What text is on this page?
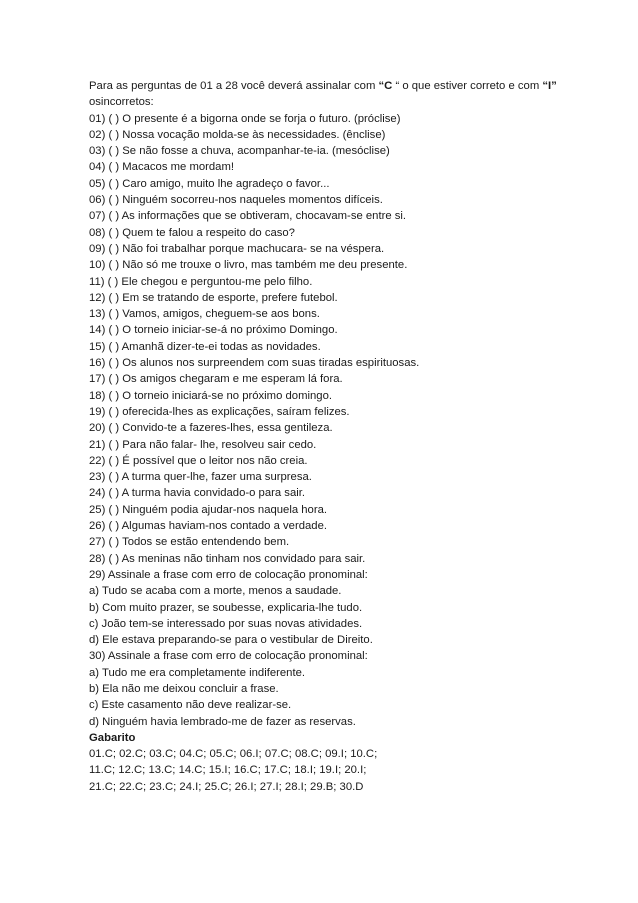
Para as perguntas de 01 a 28 você deverá assinalar com “C “ o que estiver correto e com “I”
osincorretos:
01) ( ) O presente é a bigorna onde se forja o futuro. (próclise)
02) ( ) Nossa vocação molda-se às necessidades. (ênclise)
03) ( ) Se não fosse a chuva, acompanhar-te-ia. (mesóclise)
04) ( ) Macacos me mordam!
05) ( ) Caro amigo, muito lhe agradeço o favor...
06) ( ) Ninguém socorreu-nos naqueles momentos difíceis.
07) ( ) As informações que se obtiveram, chocavam-se entre si.
08) ( ) Quem te falou a respeito do caso?
09) ( ) Não foi trabalhar porque machucara- se na véspera.
10) ( ) Não só me trouxe o livro, mas também me deu presente.
11) ( ) Ele chegou e perguntou-me pelo filho.
12) ( ) Em se tratando de esporte, prefere futebol.
13) ( ) Vamos, amigos, cheguem-se aos bons.
14) ( ) O torneio iniciar-se-á no próximo Domingo.
15) ( ) Amanhã dizer-te-ei todas as novidades.
16) ( ) Os alunos nos surpreendem com suas tiradas espirituosas.
17) ( ) Os amigos chegaram e me esperam lá fora.
18) ( ) O torneio iniciará-se no próximo domingo.
19) ( ) oferecida-lhes as explicações, saíram felizes.
20) ( ) Convido-te a fazeres-lhes, essa gentileza.
21) ( ) Para não falar- lhe, resolveu sair cedo.
22) ( ) É possível que o leitor nos não creia.
23) ( ) A turma quer-lhe, fazer uma surpresa.
24) ( ) A turma havia convidado-o para sair.
25) ( ) Ninguém podia ajudar-nos naquela hora.
26) ( ) Algumas haviam-nos contado a verdade.
27) ( ) Todos se estão entendendo bem.
28) ( ) As meninas não tinham nos convidado para sair.
29) Assinale a frase com erro de colocação pronominal:
a) Tudo se acaba com a morte, menos a saudade.
b) Com muito prazer, se soubesse, explicaria-lhe tudo.
c) João tem-se interessado por suas novas atividades.
d) Ele estava preparando-se para o vestibular de Direito.
30) Assinale a frase com erro de colocação pronominal:
a) Tudo me era completamente indiferente.
b) Ela não me deixou concluir a frase.
c) Este casamento não deve realizar-se.
d) Ninguém havia lembrado-me de fazer as reservas.
Gabarito
01.C; 02.C; 03.C; 04.C; 05.C; 06.I; 07.C; 08.C; 09.I; 10.C;
11.C; 12.C; 13.C; 14.C; 15.I; 16.C; 17.C; 18.I; 19.I; 20.I;
21.C; 22.C; 23.C; 24.I; 25.C; 26.I; 27.I; 28.I; 29.B; 30.D
